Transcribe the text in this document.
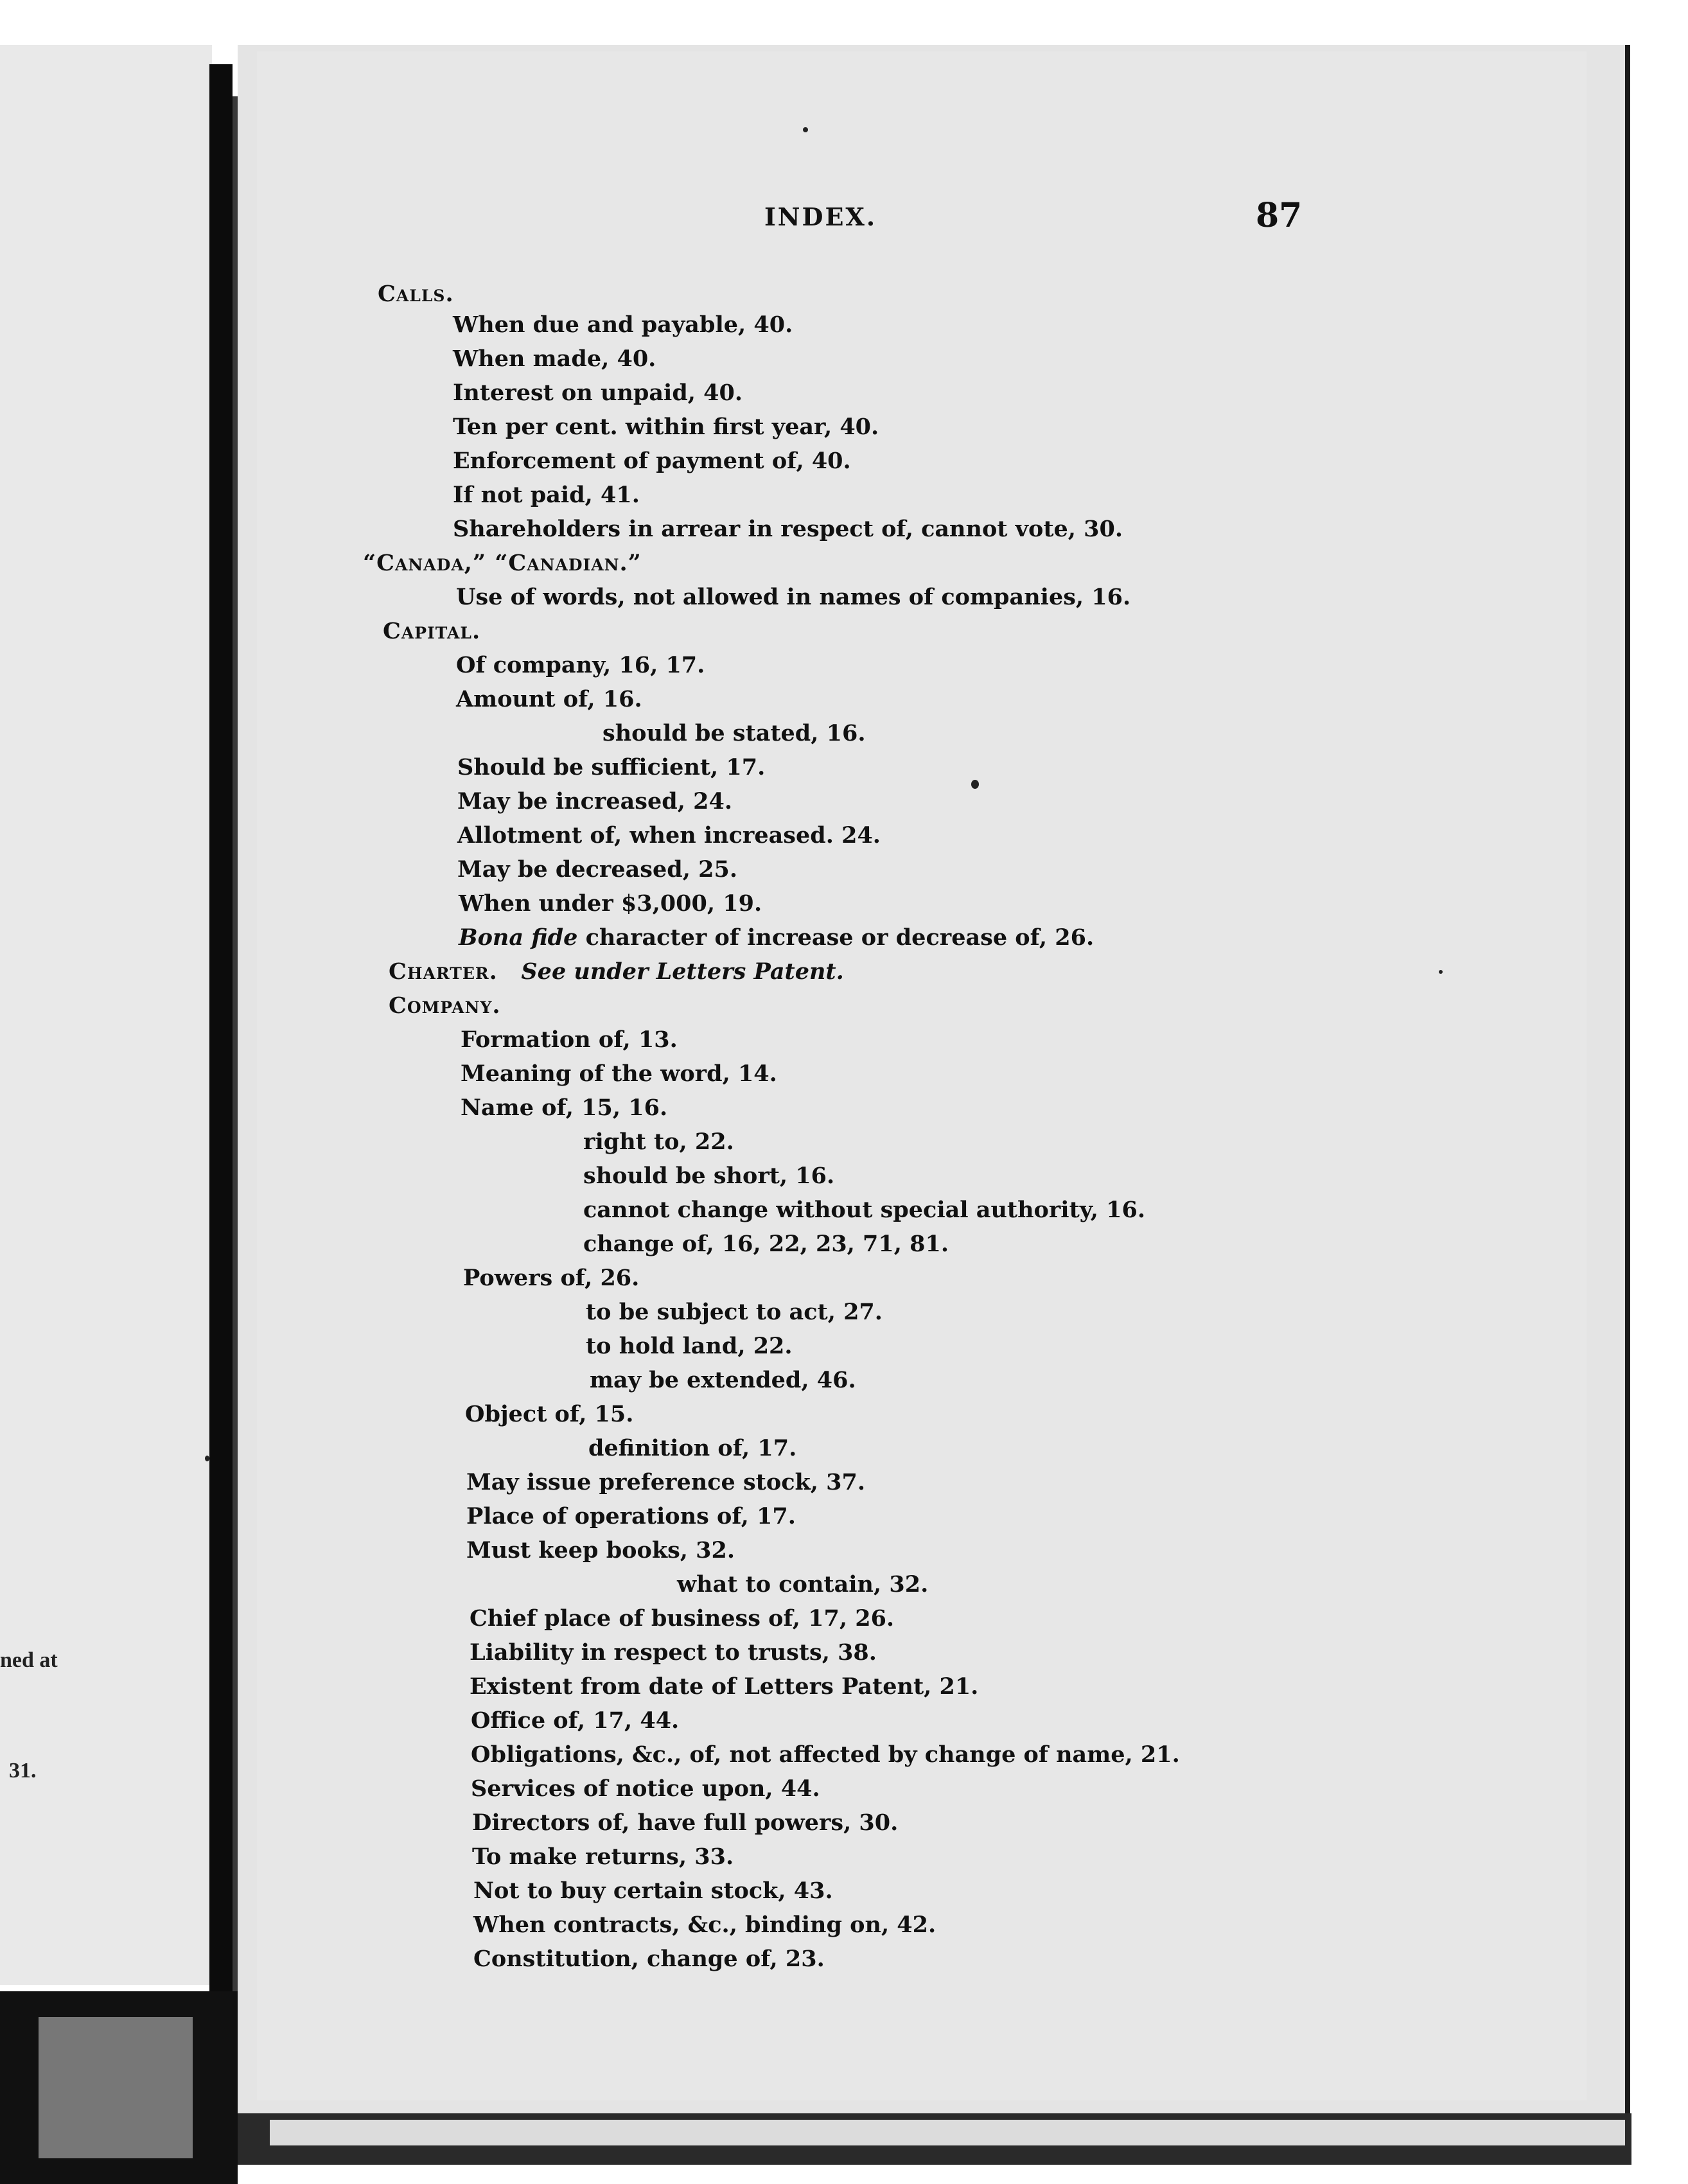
ned at
31.
INDEX.	87
Calls.
When due and payable, 40.
When made, 40.
Interest on unpaid, 40.
Ten per cent. within first year, 40.
Enforcement of payment of, 40.
If not paid, 41.
Shareholders in arrear in respect of, cannot vote, 30.
“Canada,” “Canadian.”
Use of words, not allowed in names of companies, 16.
Capital.
Of company, 16, 17.
Amount of, 16.
should be stated, 16.
Should be sufficient, 17.
May be increased, 24.
Allotment of, when increased. 24.
May be decreased, 25.
When under $3,000, 19.
Bona fide character of increase or decrease of, 26.
Charter. See under Letters Patent.
Company.
Formation of, 13.
Meaning of the word, 14.
Name of, 15, 16.
right to, 22.
should be short, 16.
cannot change without special authority, 16.
change of, 16, 22, 23, 71, 81.
Powers of, 26.
to be subject to act, 27.
to hold land, 22.
may be extended, 46.
Object of, 15.
definition of, 17.
May issue preference stock, 37.
Place of operations of, 17.
Must keep books, 32.
what to contain, 32.
Chief place of business of, 17, 26.
Liability in respect to trusts, 38.
Existent from date of Letters Patent, 21.
Office of, 17, 44.
Obligations, &c., of, not affected by change of name, 21.
Services of notice upon, 44.
Directors of, have full powers, 30.
To make returns, 33.
Not to buy certain stock, 43.
When contracts, &c., binding on, 42.
Constitution, change of, 23.
